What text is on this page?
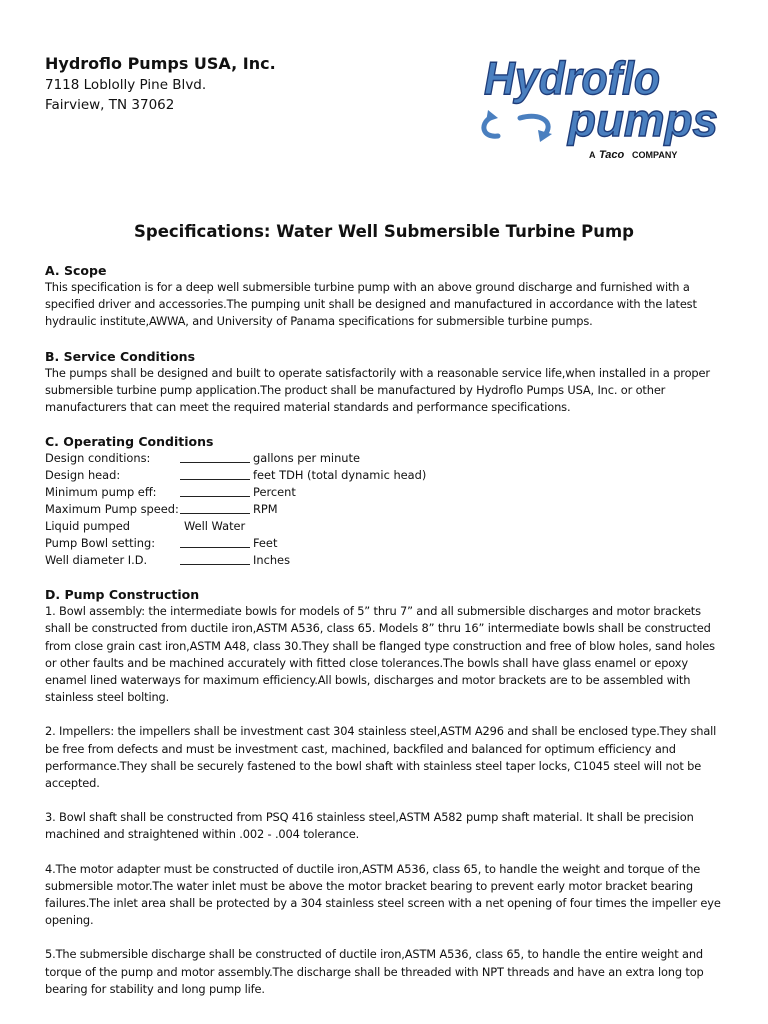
Hydroflo Pumps USA, Inc.
7118 Loblolly Pine Blvd.
Fairview, TN 37062
Hydroflo
pumps
A Taco COMPANY
Specifications: Water Well Submersible Turbine Pump
A. Scope

This specification is for a deep well submersible turbine pump with an above ground discharge and furnished with a specified driver and accessories.The pumping unit shall be designed and manufactured in accordance with the latest hydraulic institute,AWWA, and University of Panama specifications for submersible turbine pumps.

B. Service Conditions

The pumps shall be designed and built to operate satisfactorily with a reasonable service life,when installed in a proper submersible turbine pump application.The product shall be manufactured by Hydroflo Pumps USA, Inc. or other manufacturers that can meet the required material standards and performance specifications.

C. Operating Conditions
Design conditions:	gallons per minute
Design head:	feet TDH (total dynamic head)
Minimum pump eff:	Percent
Maximum Pump speed:	RPM
Liquid pumped	Well Water
Pump Bowl setting:	Feet
Well diameter I.D.	Inches
D. Pump Construction

1. Bowl assembly: the intermediate bowls for models of 5” thru 7” and all submersible discharges and motor brackets shall be constructed from ductile iron,ASTM A536, class 65. Models 8” thru 16” intermediate bowls shall be constructed from close grain cast iron,ASTM A48, class 30.They shall be flanged type construction and free of blow holes, sand holes or other faults and be machined accurately with fitted close tolerances.The bowls shall have glass enamel or epoxy enamel lined waterways for maximum efficiency.All bowls, discharges and motor brackets are to be assembled with stainless steel bolting.

2. Impellers: the impellers shall be investment cast 304 stainless steel,ASTM A296 and shall be enclosed type.They shall be free from defects and must be investment cast, machined, backfiled and balanced for optimum efficiency and performance.They shall be securely fastened to the bowl shaft with stainless steel taper locks, C1045 steel will not be accepted.

3. Bowl shaft shall be constructed from PSQ 416 stainless steel,ASTM A582 pump shaft material. It shall be precision machined and straightened within .002 - .004 tolerance.

4.The motor adapter must be constructed of ductile iron,ASTM A536, class 65, to handle the weight and torque of the submersible motor.The water inlet must be above the motor bracket bearing to prevent early motor bracket bearing failures.The inlet area shall be protected by a 304 stainless steel screen with a net opening of four times the impeller eye opening.

5.The submersible discharge shall be constructed of ductile iron,ASTM A536, class 65, to handle the entire weight and torque of the pump and motor assembly.The discharge shall be threaded with NPT threads and have an extra long top bearing for stability and long pump life.
